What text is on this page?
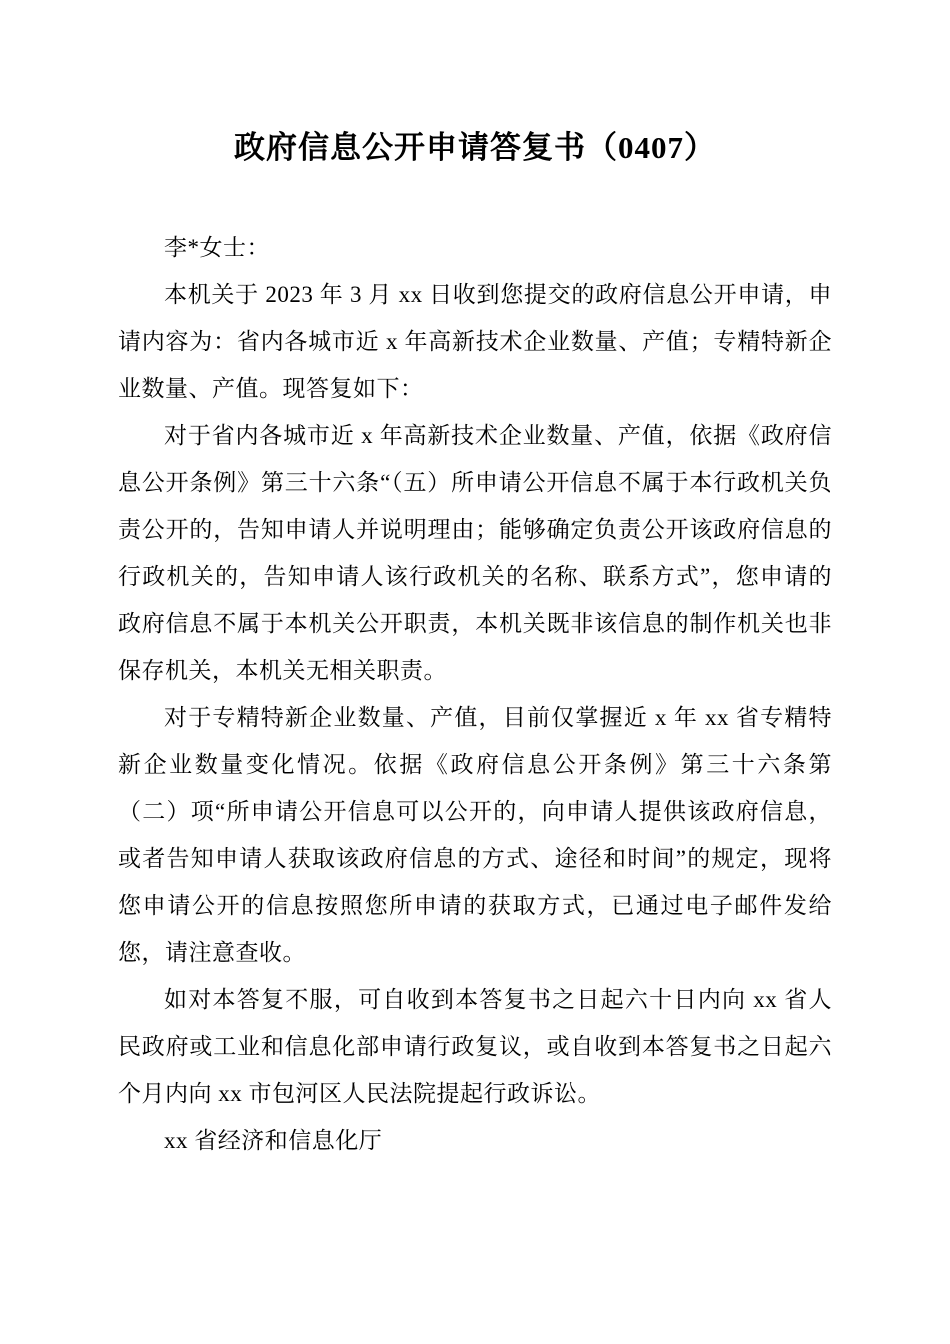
政府信息公开申请答复书（0407）

李*女士：

本机关于 2023 年 3 月 xx 日收到您提交的政府信息公开申请，申请内容为：省内各城市近 x 年高新技术企业数量、产值；专精特新企业数量、产值。现答复如下：

对于省内各城市近 x 年高新技术企业数量、产值，依据《政府信息公开条例》第三十六条“（五）所申请公开信息不属于本行政机关负责公开的，告知申请人并说明理由；能够确定负责公开该政府信息的行政机关的，告知申请人该行政机关的名称、联系方式”，您申请的政府信息不属于本机关公开职责，本机关既非该信息的制作机关也非保存机关，本机关无相关职责。

对于专精特新企业数量、产值，目前仅掌握近 x 年 xx 省专精特新企业数量变化情况。依据《政府信息公开条例》第三十六条第（二）项“所申请公开信息可以公开的，向申请人提供该政府信息，或者告知申请人获取该政府信息的方式、途径和时间”的规定，现将您申请公开的信息按照您所申请的获取方式，已通过电子邮件发给您，请注意查收。

如对本答复不服，可自收到本答复书之日起六十日内向 xx 省人民政府或工业和信息化部申请行政复议，或自收到本答复书之日起六个月内向 xx 市包河区人民法院提起行政诉讼。

xx 省经济和信息化厅
